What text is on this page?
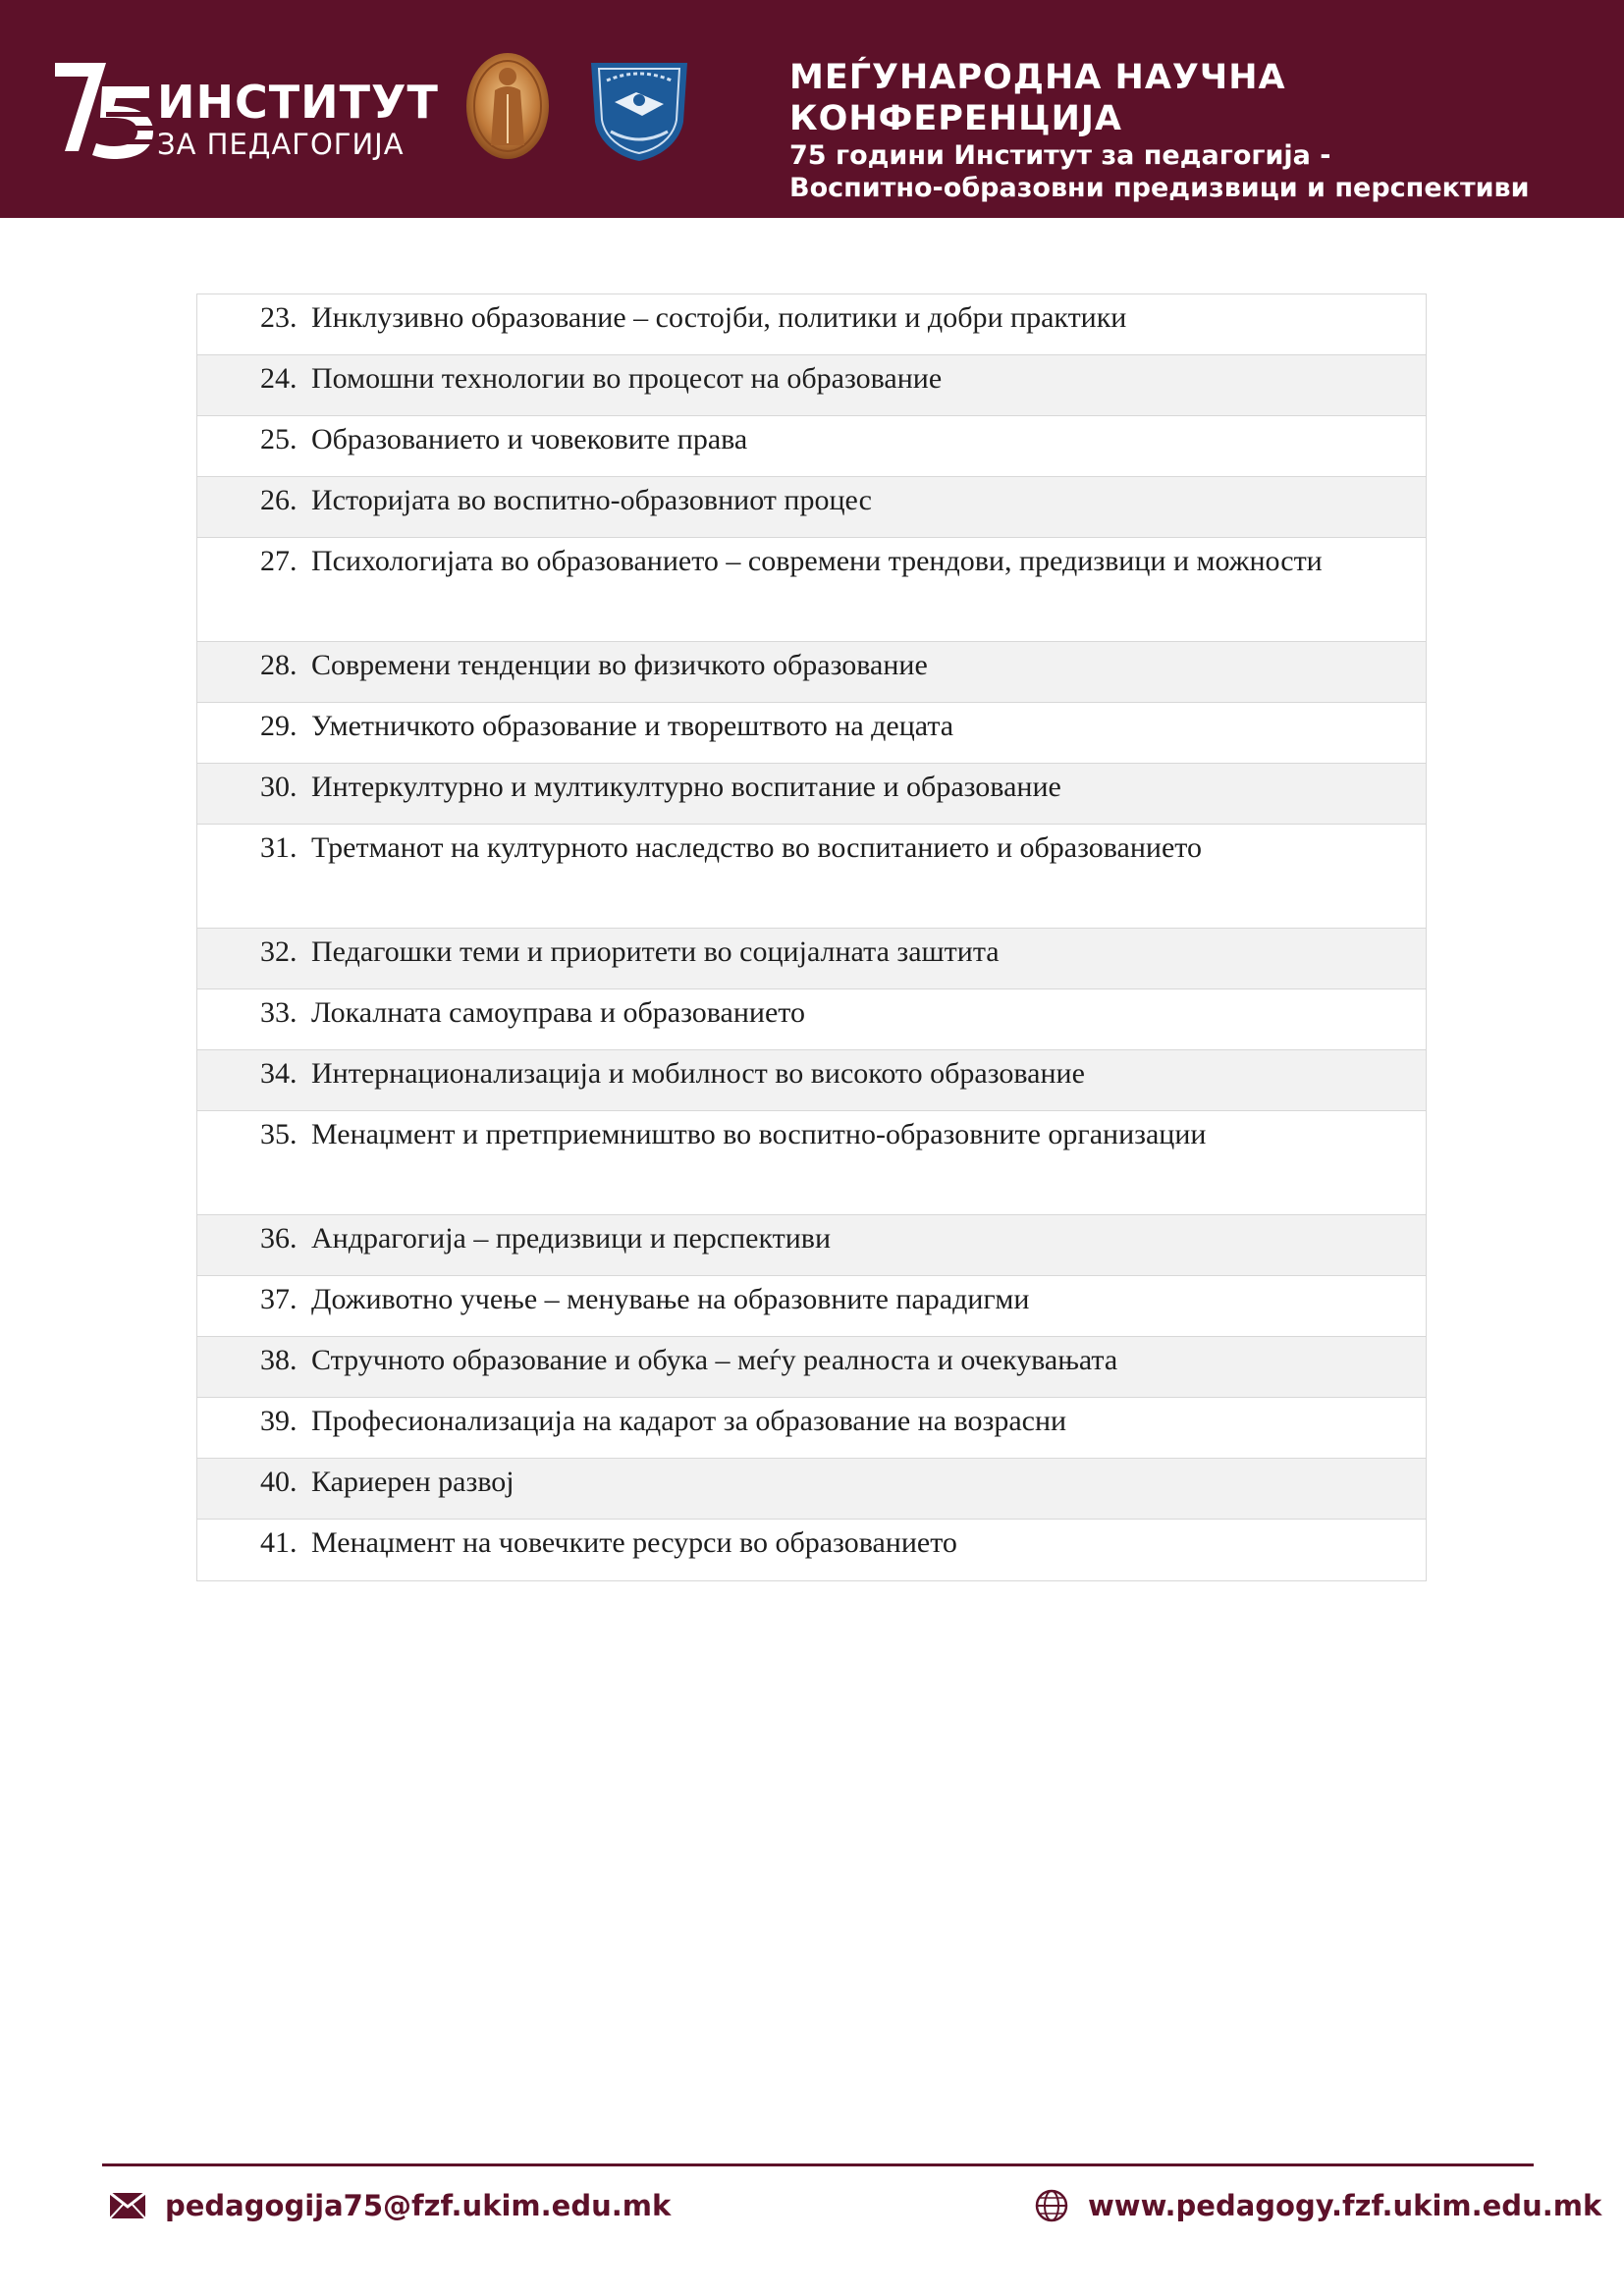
ИНСТИТУТ
ЗА ПЕДАГОГИЈА
МЕЃУНАРОДНА НАУЧНА КОНФЕРЕНЦИЈА
75 години Институт за педагогија -
Воспитно-образовни предизвици и перспективи
23. Инклузивно образование – состојби, политики и добри практики
24. Помошни технологии во процесот на образование
25. Образованието и човековите права
26. Историјата во воспитно-образовниот процес
27. Психологијата во образованието – современи трендови, предизвици и можности
28. Современи тенденции во физичкото образование
29. Уметничкото образование и творештвото на децата
30. Интеркултурно и мултикултурно воспитание и образование
31. Третманот на културното наследство во воспитанието и образованието
32. Педагошки теми и приоритети во социјалната заштита
33. Локалната самоуправа и образованието
34. Интернационализација и мобилност во високото образование
35. Менаџмент и претприемништво во воспитно-образовните организации
36. Андрагогија – предизвици и перспективи
37. Доживотно учење – менување на образовните парадигми
38. Стручното образование и обука – меѓу реалноста и очекувањата
39. Професионализација на кадарот за образование на возрасни
40. Кариерен развој
41. Менаџмент на човечките ресурси во образованието
pedagogija75@fzf.ukim.edu.mk	www.pedagogy.fzf.ukim.edu.mk
